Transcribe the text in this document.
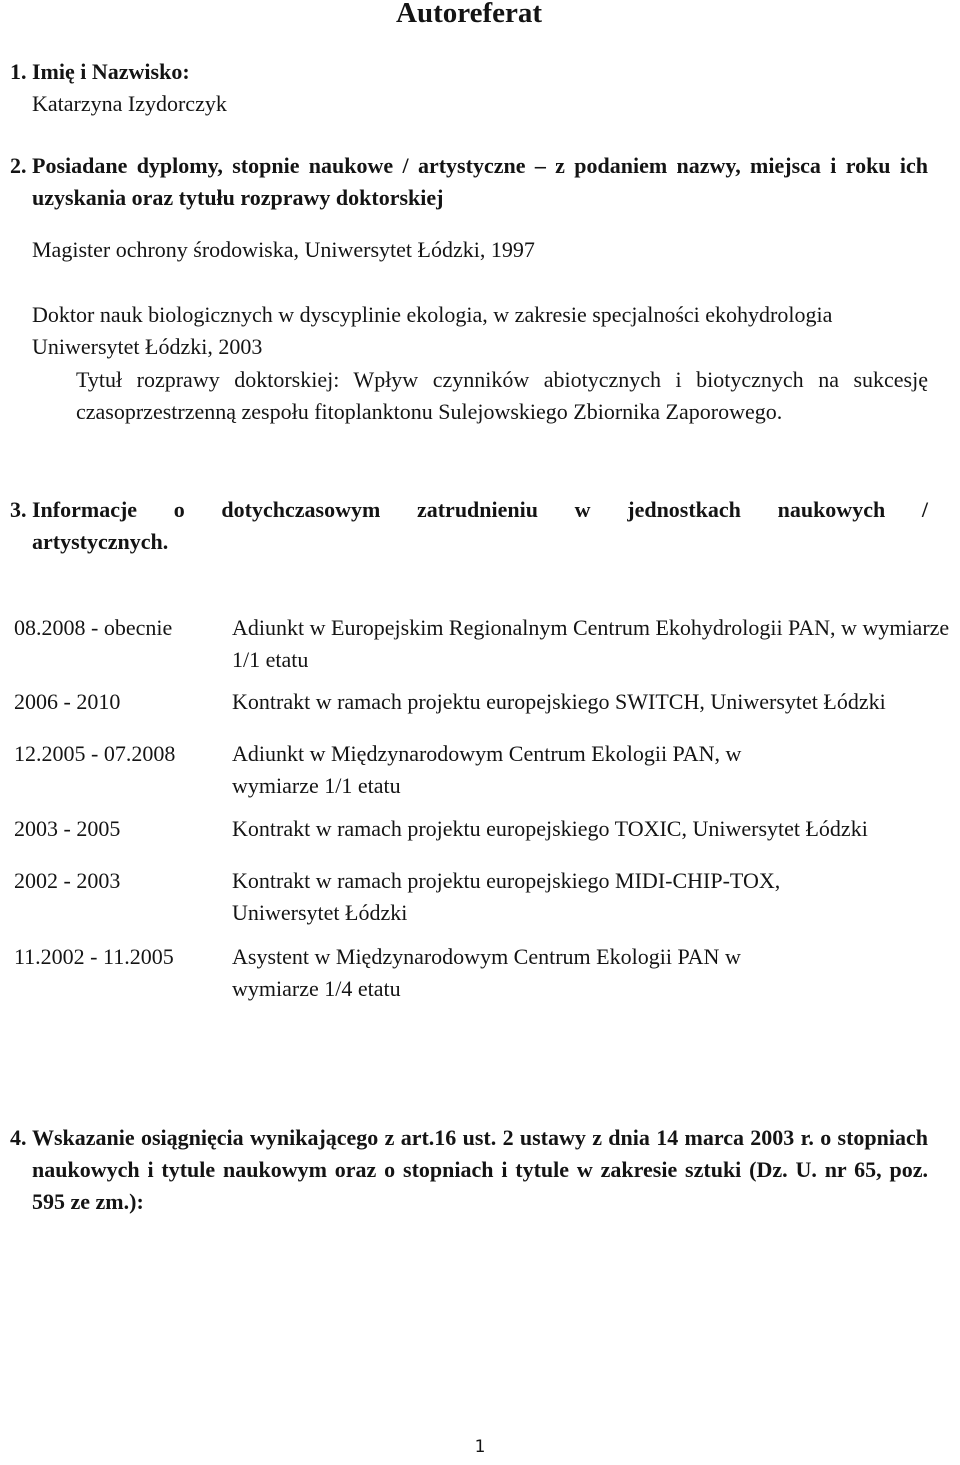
Autoreferat
1. Imię i Nazwisko:
Katarzyna Izydorczyk
2. Posiadane dyplomy, stopnie naukowe / artystyczne – z podaniem nazwy, miejsca i roku ich uzyskania oraz tytułu rozprawy doktorskiej
Magister ochrony środowiska, Uniwersytet Łódzki, 1997
Doktor nauk biologicznych w dyscyplinie ekologia, w zakresie specjalności ekohydrologia
Uniwersytet Łódzki, 2003
Tytuł rozprawy doktorskiej: Wpływ czynników abiotycznych i biotycznych na sukcesję czasoprzestrzenną zespołu fitoplanktonu Sulejowskiego Zbiornika Zaporowego.
3. Informacje o dotychczasowym zatrudnieniu w jednostkach naukowych /
artystycznych.
08.2008 - obecnie	Adiunkt w Europejskim Regionalnym Centrum Ekohydrologii PAN, w wymiarze 1/1 etatu
2006 - 2010	Kontrakt w ramach projektu europejskiego SWITCH, Uniwersytet Łódzki
12.2005 - 07.2008	Adiunkt w Międzynarodowym Centrum Ekologii PAN, w wymiarze 1/1 etatu
2003 - 2005	Kontrakt w ramach projektu europejskiego TOXIC, Uniwersytet Łódzki
2002 - 2003	Kontrakt w ramach projektu europejskiego MIDI-CHIP-TOX, Uniwersytet Łódzki
11.2002 - 11.2005	Asystent w Międzynarodowym Centrum Ekologii PAN w wymiarze 1/4 etatu
4. Wskazanie osiągnięcia wynikającego z art.16 ust. 2 ustawy z dnia 14 marca 2003 r. o stopniach naukowych i tytule naukowym oraz o stopniach i tytule w zakresie sztuki (Dz. U. nr 65, poz. 595 ze zm.):
1
